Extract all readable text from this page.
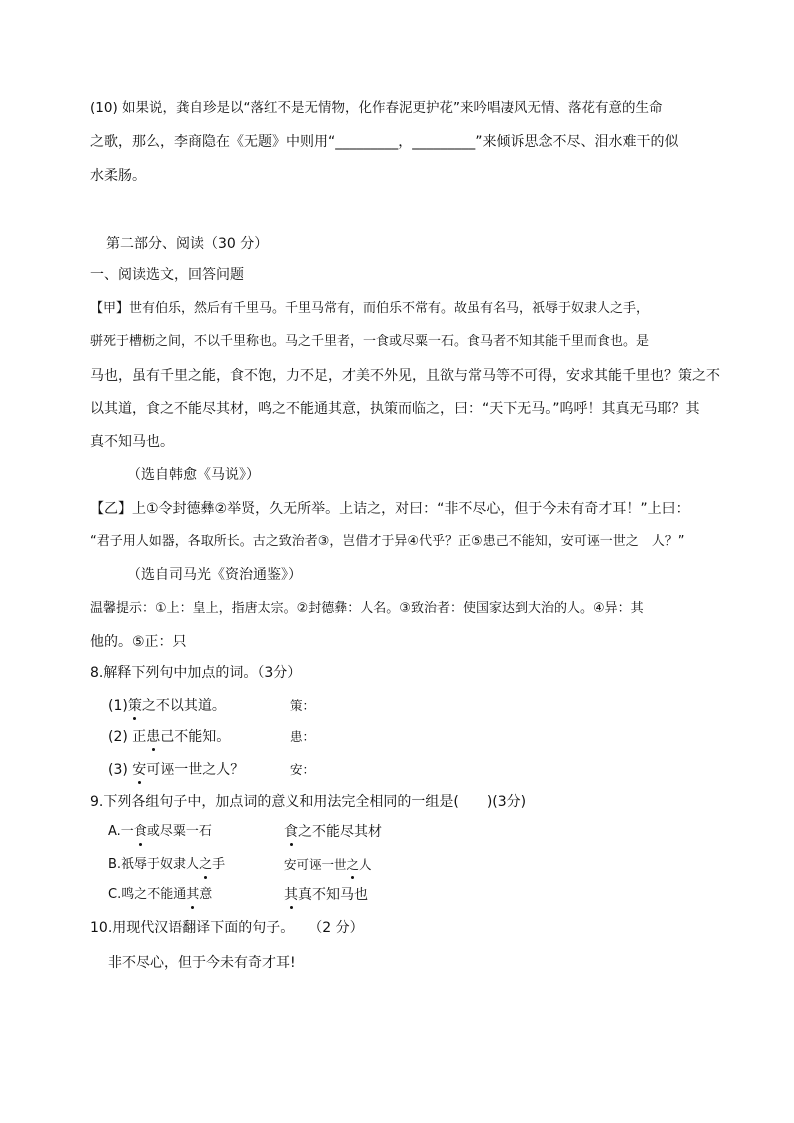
(10) 如果说，龚自珍是以“落红不是无情物，化作春泥更护花”来吟唱凄风无情、落花有意的生命
之歌，那么，李商隐在《无题》中则用“_________，_________”来倾诉思念不尽、泪水难干的似
水柔肠。
第二部分、阅读（30 分）
一、阅读选文，回答问题
【甲】世有伯乐，然后有千里马。千里马常有，而伯乐不常有。故虽有名马，祇辱于奴隶人之手，
骈死于槽枥之间，不以千里称也。马之千里者，一食或尽粟一石。食马者不知其能千里而食也。是
马也，虽有千里之能，食不饱，力不足，才美不外见，且欲与常马等不可得，安求其能千里也？策之不
以其道，食之不能尽其材，鸣之不能通其意，执策而临之，曰：“天下无马。”呜呼！其真无马耶？其
真不知马也。
（选自韩愈《马说》）
【乙】上①令封德彝②举贤，久无所举。上诘之，对曰：“非不尽心，但于今未有奇才耳！”上曰：
“君子用人如器，各取所长。古之致治者③，岂借才于异④代乎？正⑤患己不能知，安可诬一世之　人？”
（选自司马光《资治通鉴》）
温馨提示：①上：皇上，指唐太宗。②封德彝：人名。③致治者：使国家达到大治的人。④异：其
他的。⑤正：只
8.解释下列句中加点的词。（3分）
(1)策之不以其道。	策：
(2) 正患己不能知。	患：
(3) 安可诬一世之人？	安：
9.下列各组句子中，加点词的意义和用法完全相同的一组是(　　)(3分)
A.一食或尽粟一石	食之不能尽其材
B.祇辱于奴隶人之手	安可诬一世之人
C.鸣之不能通其意	其真不知马也
10.用现代汉语翻译下面的句子。　　（2 分）
非不尽心，但于今未有奇才耳!
